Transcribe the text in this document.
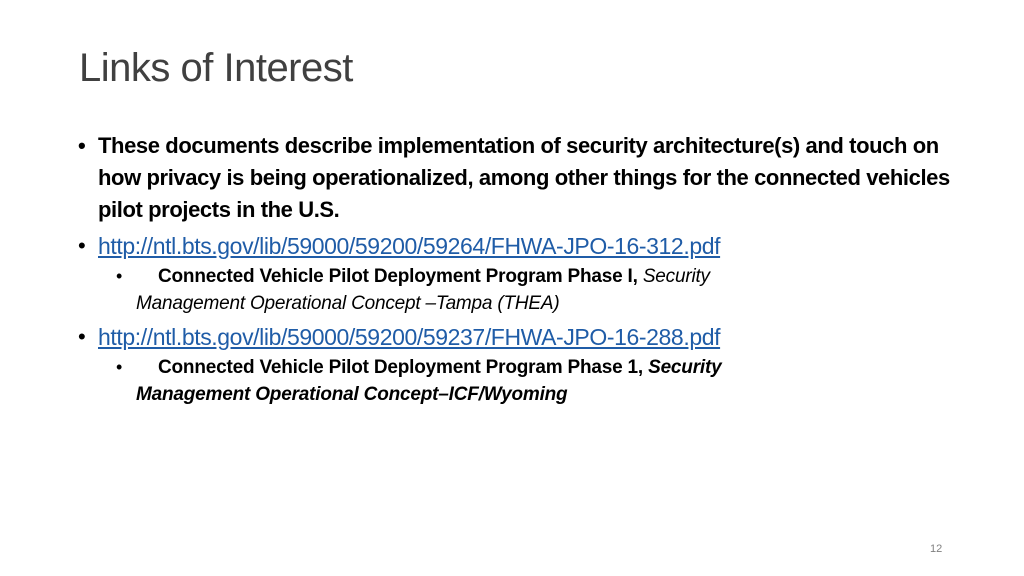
Links of Interest
• These documents describe implementation of security architecture(s) and touch on how privacy is being operationalized, among other things for the connected vehicles pilot projects in the U.S.
• http://ntl.bts.gov/lib/59000/59200/59264/FHWA-JPO-16-312.pdf
• Connected Vehicle Pilot Deployment Program Phase I, Security
Management Operational Concept –Tampa (THEA)
• http://ntl.bts.gov/lib/59000/59200/59237/FHWA-JPO-16-288.pdf
• Connected Vehicle Pilot Deployment Program Phase 1, Security
Management Operational Concept–ICF/Wyoming
12
